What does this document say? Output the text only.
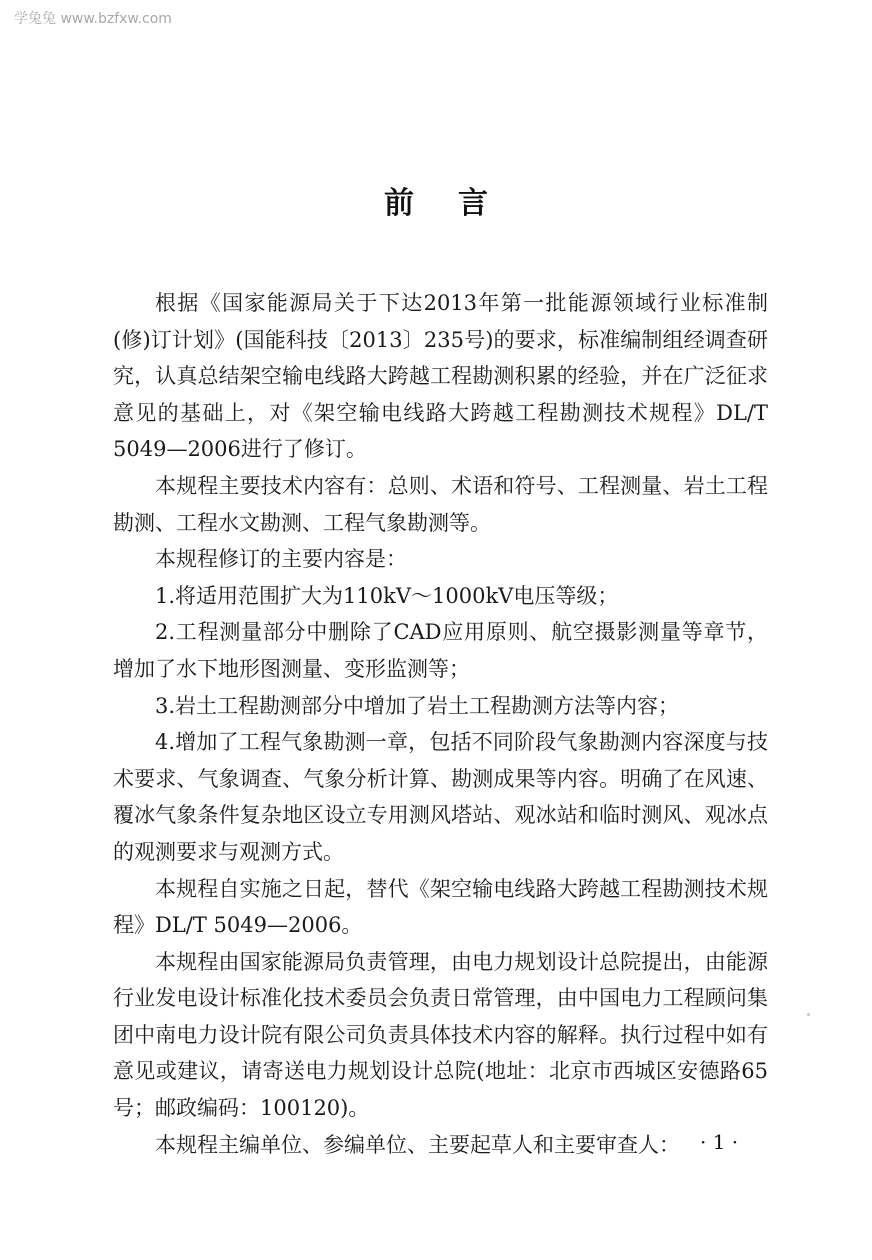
学兔兔 www.bzfxw.com
前言

根据《国家能源局关于下达2013年第一批能源领域行业标准制(修)订计划》(国能科技〔2013〕235号)的要求，标准编制组经调查研究，认真总结架空输电线路大跨越工程勘测积累的经验，并在广泛征求意见的基础上，对《架空输电线路大跨越工程勘测技术规程》DL/T 5049—2006进行了修订。

本规程主要技术内容有：总则、术语和符号、工程测量、岩土工程勘测、工程水文勘测、工程气象勘测等。

本规程修订的主要内容是：

1.将适用范围扩大为110kV～1000kV电压等级；

2.工程测量部分中删除了CAD应用原则、航空摄影测量等章节，增加了水下地形图测量、变形监测等；

3.岩土工程勘测部分中增加了岩土工程勘测方法等内容；

4.增加了工程气象勘测一章，包括不同阶段气象勘测内容深度与技术要求、气象调查、气象分析计算、勘测成果等内容。明确了在风速、覆冰气象条件复杂地区设立专用测风塔站、观冰站和临时测风、观冰点的观测要求与观测方式。

本规程自实施之日起，替代《架空输电线路大跨越工程勘测技术规程》DL/T 5049—2006。

本规程由国家能源局负责管理，由电力规划设计总院提出，由能源行业发电设计标准化技术委员会负责日常管理，由中国电力工程顾问集团中南电力设计院有限公司负责具体技术内容的解释。执行过程中如有意见或建议，请寄送电力规划设计总院(地址：北京市西城区安德路65号；邮政编码：100120)。

本规程主编单位、参编单位、主要起草人和主要审查人：	· 1 ·
